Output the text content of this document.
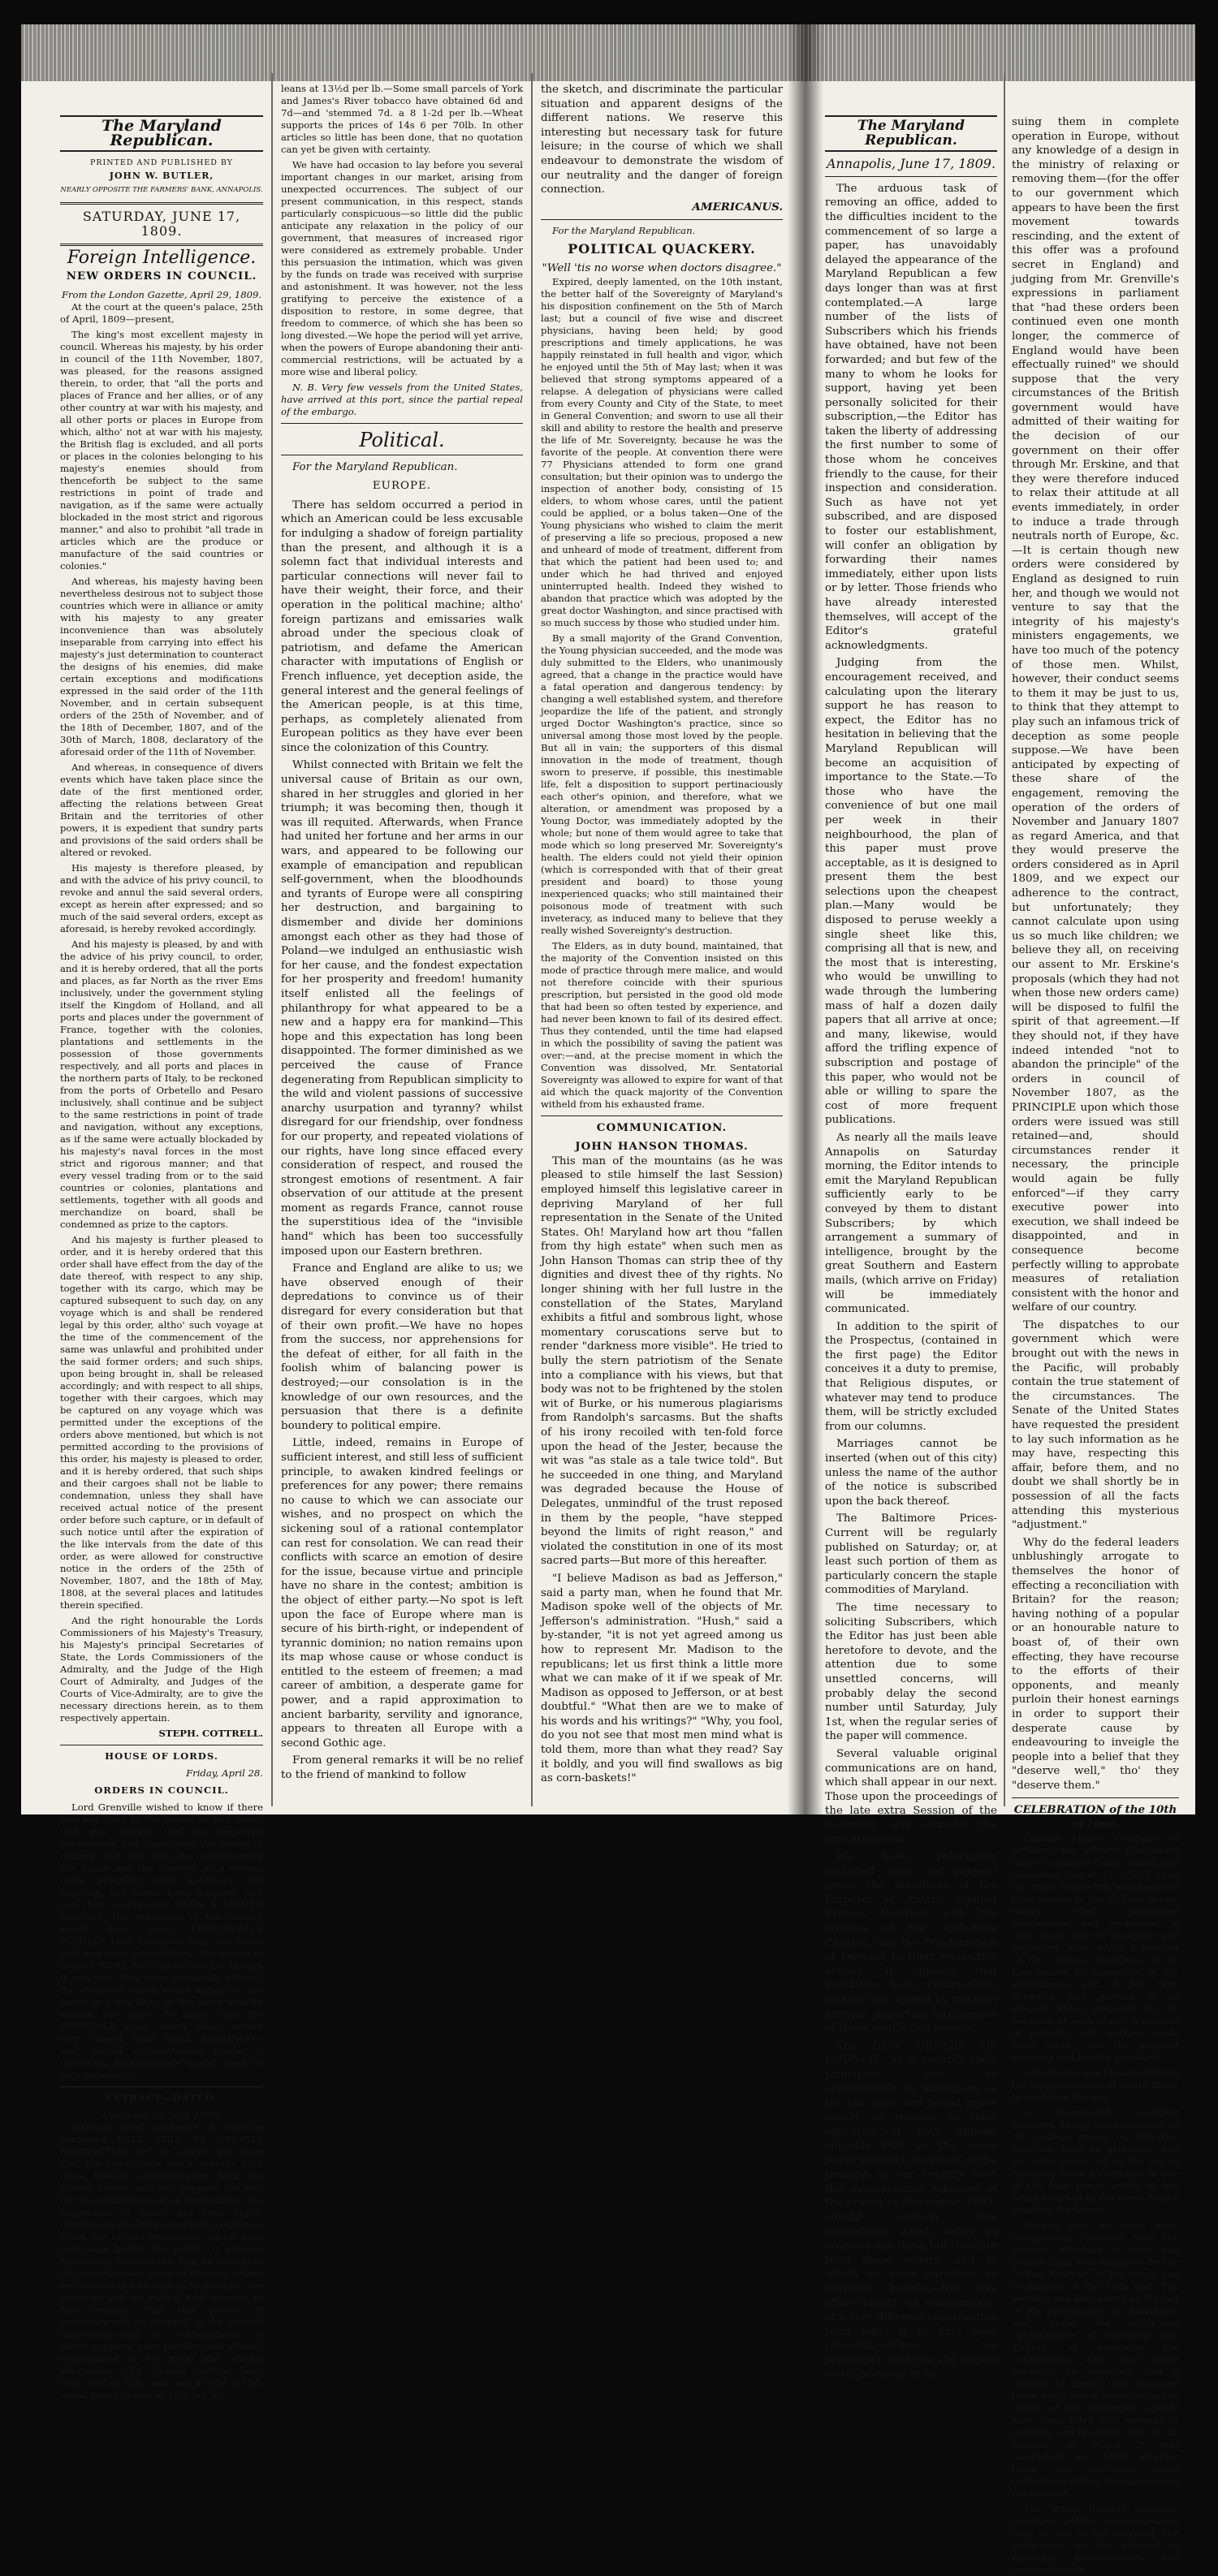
The Maryland Republican.
PRINTED AND PUBLISHED BY
JOHN W. BUTLER,
NEARLY OPPOSITE THE FARMERS' BANK, ANNAPOLIS.
SATURDAY, JUNE 17, 1809.
Foreign Intelligence.
NEW ORDERS IN COUNCIL.
From the London Gazette, April 29, 1809.

At the court at the queen's palace, 25th of April, 1809—present,

The king's most excellent majesty in council. Whereas his majesty, by his order in council of the 11th November, 1807, was pleased, for the reasons assigned therein, to order, that "all the ports and places of France and her allies, or of any other country at war with his majesty, and all other ports or places in Europe from which, altho' not at war with his majesty, the British flag is excluded, and all ports or places in the colonies belonging to his majesty's enemies should from thenceforth be subject to the same restrictions in point of trade and navigation, as if the same were actually blockaded in the most strict and rigorous manner," and also to prohibit "all trade in articles which are the produce or manufacture of the said countries or colonies."

And whereas, his majesty having been nevertheless desirous not to subject those countries which were in alliance or amity with his majesty to any greater inconvenience than was absolutely inseparable from carrying into effect his majesty's just determination to counteract the designs of his enemies, did make certain exceptions and modifications expressed in the said order of the 11th November, and in certain subsequent orders of the 25th of November, and of the 18th of December, 1807, and of the 30th of March, 1808, declaratory of the aforesaid order of the 11th of November.

And whereas, in consequence of divers events which have taken place since the date of the first mentioned order, affecting the relations between Great Britain and the territories of other powers, it is expedient that sundry parts and provisions of the said orders shall be altered or revoked.

His majesty is therefore pleased, by and with the advice of his privy council, to revoke and annul the said several orders, except as herein after expressed; and so much of the said several orders, except as aforesaid, is hereby revoked accordingly.

And his majesty is pleased, by and with the advice of his privy council, to order, and it is hereby ordered, that all the ports and places, as far North as the river Ems inclusively, under the government styling itself the Kingdom of Holland, and all ports and places under the government of France, together with the colonies, plantations and settlements in the possession of those governments respectively, and all ports and places in the northern parts of Italy, to be reckoned from the ports of Orbetello and Pesaro inclusively, shall continue and be subject to the same restrictions in point of trade and navigation, without any exceptions, as if the same were actually blockaded by his majesty's naval forces in the most strict and rigorous manner; and that every vessel trading from or to the said countries or colonies, plantations and settlements, together with all goods and merchandize on board, shall be condemned as prize to the captors.

And his majesty is further pleased to order, and it is hereby ordered that this order shall have effect from the day of the date thereof, with respect to any ship, together with its cargo, which may be captured subsequent to such day, on any voyage which is and shall be rendered legal by this order, altho' such voyage at the time of the commencement of the same was unlawful and prohibited under the said former orders; and such ships, upon being brought in, shall be released accordingly; and with respect to all ships, together with their cargoes, which may be captured on any voyage which was permitted under the exceptions of the orders above mentioned, but which is not permitted according to the provisions of this order, his majesty is pleased to order, and it is hereby ordered, that such ships and their cargoes shall not be liable to condemnation, unless they shall have received actual notice of the present order before such capture, or in default of such notice until after the expiration of the like intervals from the date of this order, as were allowed for constructive notice in the orders of the 25th of November, 1807, and the 18th of May, 1808, at the several places and latitudes therein specified.

And the right honourable the Lords Commissioners of his Majesty's Treasury, his Majesty's principal Secretaries of State, the Lords Commissioners of the Admiralty, and the Judge of the High Court of Admiralty, and Judges of the Courts of Vice-Admiralty, are to give the necessary directions herein, as to them respectively appertain.

STEPH. COTTRELL.
HOUSE OF LORDS.
Friday, April 28.
ORDERS IN COUNCIL.

Lord Grenville wished to know if there was any truth in the report he had heard that day, namely that his majesty's government had abandoned the orders in council. If it was true, he congratulated the house and the country, as a system more pregnant with weakness and impolicy, had never been adopted, and had they continued it EVEN A MONTH LONGER, the commerce of the country would have been EFFECTUALLY RUINED! Lord Liverpool said, the noble lord had been misinformed; the orders in council WERE NOT ABANDONED, though it was true they were materially altered, the extent of which would appear to the house in a few days. At the same time he wished the house to know, that the PRINCIPLE upon which those orders were issued, WAS STILL RETAINED—and, should circumstances render it necessary, that principle would again be fully enforced!!

EXTRACT—DATED,
Liverpool, 2d May, 1809.

Although your commerce, it must be confessed WILL STILL BE GREATLY RESTRICTED, yet we cannot but hope that the regulations are a prelude to a more friendly understanding with the United States, and will prepare the way for the restoration of an intercourse, the suspension of which has been highly injurious to the interest of both countries. From the official documents which have just come before the public, it appears reasonable to conclude, that as several of the objectionable parts of the late orders are rescinded with regard to America, the embargo will be raised with respect to this country. That this course of procedure will be adopted, is the general impression—and, in contemplation of direct supplies, your produce has already experienced a very great and serious depression.—Old Upland cottons have been sold at 12d., and new at 14d. a 15d.—and New Orleans at 13d. per lb.

leans at 13½d per lb.—Some small parcels of York and James's River tobacco have obtained 6d and 7d—and 'stemmed 7d. a 8 1-2d per lb.—Wheat supports the prices of 14s 6 per 70lb. In other articles so little has been done, that no quotation can yet be given with certainty.

We have had occasion to lay before you several important changes in our market, arising from unexpected occurrences. The subject of our present communication, in this respect, stands particularly conspicuous—so little did the public anticipate any relaxation in the policy of our government, that measures of increased rigor were considered as extremely probable. Under this persuasion the intimation, which was given by the funds on trade was received with surprise and astonishment. It was however, not the less gratifying to perceive the existence of a disposition to restore, in some degree, that freedom to commerce, of which she has been so long divested.—We hope the period will yet arrive, when the powers of Europe abandoning their anti-commercial restrictions, will be actuated by a more wise and liberal policy.

N. B. Very few vessels from the United States, have arrived at this port, since the partial repeal of the embargo.

Political.
For the Maryland Republican.
EUROPE.

There has seldom occurred a period in which an American could be less excusable for indulging a shadow of foreign partiality than the present, and although it is a solemn fact that individual interests and particular connections will never fail to have their weight, their force, and their operation in the political machine; altho' foreign partizans and emissaries walk abroad under the specious cloak of patriotism, and defame the American character with imputations of English or French influence, yet deception aside, the general interest and the general feelings of the American people, is at this time, perhaps, as completely alienated from European politics as they have ever been since the colonization of this Country.

Whilst connected with Britain we felt the universal cause of Britain as our own, shared in her struggles and gloried in her triumph; it was becoming then, though it was ill requited. Afterwards, when France had united her fortune and her arms in our wars, and appeared to be following our example of emancipation and republican self-government, when the bloodhounds and tyrants of Europe were all conspiring her destruction, and bargaining to dismember and divide her dominions amongst each other as they had those of Poland—we indulged an enthusiastic wish for her cause, and the fondest expectation for her prosperity and freedom! humanity itself enlisted all the feelings of philanthropy for what appeared to be a new and a happy era for mankind—This hope and this expectation has long been disappointed. The former diminished as we perceived the cause of France degenerating from Republican simplicity to the wild and violent passions of successive anarchy usurpation and tyranny? whilst disregard for our friendship, over fondness for our property, and repeated violations of our rights, have long since effaced every consideration of respect, and roused the strongest emotions of resentment. A fair observation of our attitude at the present moment as regards France, cannot rouse the superstitious idea of the "invisible hand" which has been too successfully imposed upon our Eastern brethren.

France and England are alike to us; we have observed enough of their depredations to convince us of their disregard for every consideration but that of their own profit.—We have no hopes from the success, nor apprehensions for the defeat of either, for all faith in the foolish whim of balancing power is destroyed;—our consolation is in the knowledge of our own resources, and the persuasion that there is a definite boundery to political empire.

Little, indeed, remains in Europe of sufficient interest, and still less of sufficient principle, to awaken kindred feelings or preferences for any power; there remains no cause to which we can associate our wishes, and no prospect on which the sickening soul of a rational contemplator can rest for consolation. We can read their conflicts with scarce an emotion of desire for the issue, because virtue and principle have no share in the contest; ambition is the object of either party.—No spot is left upon the face of Europe where man is secure of his birth-right, or independent of tyrannic dominion; no nation remains upon its map whose cause or whose conduct is entitled to the esteem of freemen; a mad career of ambition, a desperate game for power, and a rapid approximation to ancient barbarity, servility and ignorance, appears to threaten all Europe with a second Gothic age.

From general remarks it will be no relief to the friend of mankind to follow

the sketch, and discriminate the particular situation and apparent designs of the different nations. We reserve this interesting but necessary task for future leisure; in the course of which we shall endeavour to demonstrate the wisdom of our neutrality and the danger of foreign connection.

AMERICANUS.
For the Maryland Republican.
POLITICAL QUACKERY.
"Well 'tis no worse when doctors disagree."

Expired, deeply lamented, on the 10th instant, the better half of the Sovereignty of Maryland's his disposition confinement on the 5th of March last; but a council of five wise and discreet physicians, having been held; by good prescriptions and timely applications, he was happily reinstated in full health and vigor, which he enjoyed until the 5th of May last; when it was believed that strong symptoms appeared of a relapse. A delegation of physicians were called from every County and City of the State, to meet in General Convention; and sworn to use all their skill and ability to restore the health and preserve the life of Mr. Sovereignty, because he was the favorite of the people. At convention there were 77 Physicians attended to form one grand consultation; but their opinion was to undergo the inspection of another body, consisting of 15 elders, to whom whose cares, until the patient could be applied, or a bolus taken—One of the Young physicians who wished to claim the merit of preserving a life so precious, proposed a new and unheard of mode of treatment, different from that which the patient had been used to; and under which he had thrived and enjoyed uninterrupted health. Indeed they wished to abandon that practice which was adopted by the great doctor Washington, and since practised with so much success by those who studied under him.

By a small majority of the Grand Convention, the Young physician succeeded, and the mode was duly submitted to the Elders, who unanimously agreed, that a change in the practice would have a fatal operation and dangerous tendency: by changing a well established system, and therefore jeopardize the life of the patient, and strongly urged Doctor Washington's practice, since so universal among those most loved by the people. But all in vain; the supporters of this dismal innovation in the mode of treatment, though sworn to preserve, if possible, this inestimable life, felt a disposition to support pertinaciously each other's opinion, and therefore, what we alteration, or amendment was proposed by a Young Doctor, was immediately adopted by the whole; but none of them would agree to take that mode which so long preserved Mr. Sovereignty's health. The elders could not yield their opinion (which is corresponded with that of their great president and board) to those young inexperienced quacks; who still maintained their poisonous mode of treatment with such inveteracy, as induced many to believe that they really wished Sovereignty's destruction.

The Elders, as in duty bound, maintained, that the majority of the Convention insisted on this mode of practice through mere malice, and would not therefore coincide with their spurious prescription, but persisted in the good old mode that had been so often tested by experience, and had never been known to fail of its desired effect. Thus they contended, until the time had elapsed in which the possibility of saving the patient was over:—and, at the precise moment in which the Convention was dissolved, Mr. Sentatorial Sovereignty was allowed to expire for want of that aid which the quack majority of the Convention witheld from his exhausted frame.

COMMUNICATION.
JOHN HANSON THOMAS.

This man of the mountains (as he was pleased to stile himself the last Session) employed himself this legislative career in depriving Maryland of her full representation in the Senate of the United States. Oh! Maryland how art thou "fallen from thy high estate" when such men as John Hanson Thomas can strip thee of thy dignities and divest thee of thy rights. No longer shining with her full lustre in the constellation of the States, Maryland exhibits a fitful and sombrous light, whose momentary coruscations serve but to render "darkness more visible". He tried to bully the stern patriotism of the Senate into a compliance with his views, but that body was not to be frightened by the stolen wit of Burke, or his numerous plagiarisms from Randolph's sarcasms. But the shafts of his irony recoiled with ten-fold force upon the head of the Jester, because the wit was "as stale as a tale twice told". But he succeeded in one thing, and Maryland was degraded because the House of Delegates, unmindful of the trust reposed in them by the people, "have stepped beyond the limits of right reason," and violated the constitution in one of its most sacred parts—But more of this hereafter.

"I believe Madison as bad as Jefferson," said a party man, when he found that Mr. Madison spoke well of the objects of Mr. Jefferson's administration. "Hush," said a by-stander, "it is not yet agreed among us how to represent Mr. Madison to the republicans; let us first think a little more what we can make of it if we speak of Mr. Madison as opposed to Jefferson, or at best doubtful." "What then are we to make of his words and his writings?" "Why, you fool, do you not see that most men mind what is told them, more than what they read? Say it boldly, and you will find swallows as big as corn-baskets!"

The Maryland Republican.
Annapolis, June 17, 1809.

The arduous task of removing an office, added to the difficulties incident to the commencement of so large a paper, has unavoidably delayed the appearance of the Maryland Republican a few days longer than was at first contemplated.—A large number of the lists of Subscribers which his friends have obtained, have not been forwarded; and but few of the many to whom he looks for support, having yet been personally solicited for their subscription,—the Editor has taken the liberty of addressing the first number to some of those whom he conceives friendly to the cause, for their inspection and consideration. Such as have not yet subscribed, and are disposed to foster our establishment, will confer an obligation by forwarding their names immediately, either upon lists or by letter. Those friends who have already interested themselves, will accept of the Editor's grateful acknowledgments.

Judging from the encouragement received, and calculating upon the literary support he has reason to expect, the Editor has no hesitation in believing that the Maryland Republican will become an acquisition of importance to the State.—To those who have the convenience of but one mail per week in their neighbourhood, the plan of this paper must prove acceptable, as it is designed to present them the best selections upon the cheapest plan.—Many would be disposed to peruse weekly a single sheet like this, comprising all that is new, and the most that is interesting, who would be unwilling to wade through the lumbering mass of half a dozen daily papers that all arrive at once; and many, likewise, would afford the trifling expence of subscription and postage of this paper, who would not be able or willing to spare the cost of more frequent publications.

As nearly all the mails leave Annapolis on Saturday morning, the Editor intends to emit the Maryland Republican sufficiently early to be conveyed by them to distant Subscribers; by which arrangement a summary of intelligence, brought by the great Southern and Eastern mails, (which arrive on Friday) will be immediately communicated.

In addition to the spirit of the Prospectus, (contained in the first page) the Editor conceives it a duty to premise, that Religious disputes, or whatever may tend to produce them, will be strictly excluded from our columns.

Marriages cannot be inserted (when out of this city) unless the name of the author of the notice is subscribed upon the back thereof.

The Baltimore Prices-Current will be regularly published on Saturday; or, at least such portion of them as particularly concern the staple commodities of Maryland.

The time necessary to soliciting Subscribers, which the Editor has just been able heretofore to devote, and the attention due to some unsettled concerns, will probably delay the second number until Saturday, July 1st, when the regular series of the paper will commence.

Several valuable original communications are on hand, which shall appear in our next. Those upon the proceedings of the late extra Session of the Assembly, will demand the first attention.

We have reluctantly excluded from our present paper the manifesto of the Emperor of Austria against France, together with the address of the Arch-duke Charles, and the Proclamation of Davoust to their respective armies. It appears that hostilities have commenced, and we may expect by the next arrivals, important intelligence of these conflicting powers.

The NEW ORDERS OF COUNCIL, as it regards their principles, are as objectionable to Americans as the old ones, and would prove nearly as ruinous in their operation.—It may appear, singular that in the same paper in which we boast of the triumph of our country over the monopolizing schemes of the orders of November, 1807, should contain new regulations which differ in scarcely any thing but the date from those orders: and to which we avow ourselves as perfectly hostile.—But this affair admits, on examination, of a very different construction from what it at first view presents.—When we remember that the old orders were, previous to its

suing them in complete operation in Europe, without any knowledge of a design in the ministry of relaxing or removing them—(for the offer to our government which appears to have been the first movement towards rescinding, and the extent of this offer was a profound secret in England) and judging from Mr. Grenville's expressions in parliament that "had these orders been continued even one month longer, the commerce of England would have been effectually ruined" we should suppose that the very circumstances of the British government would have admitted of their waiting for the decision of our government on their offer through Mr. Erskine, and that they were therefore induced to relax their attitude at all events immediately, in order to induce a trade through neutrals north of Europe, &c.—It is certain though new orders were considered by England as designed to ruin her, and though we would not venture to say that the integrity of his majesty's ministers engagements, we have too much of the potency of those men. Whilst, however, their conduct seems to them it may be just to us, to think that they attempt to play such an infamous trick of deception as some people suppose.—We have been anticipated by expecting of these share of the engagement, removing the operation of the orders of November and January 1807 as regard America, and that they would preserve the orders considered as in April 1809, and we expect our adherence to the contract, but unfortunately; they cannot calculate upon using us so much like children; we believe they all, on receiving our assent to Mr. Erskine's proposals (which they had not when those new orders came) will be disposed to fulfil the spirit of that agreement.—If they should not, if they have indeed intended "not to abandon the principle" of the orders in council of November 1807, as the PRINCIPLE upon which those orders were issued was still retained—and, should circumstances render it necessary, the principle would again be fully enforced"—if they carry executive power into execution, we shall indeed be disappointed, and in consequence become perfectly willing to approbate measures of retaliation consistent with the honor and welfare of our country.

The dispatches to our government which were brought out with the news in the Pacific, will probably contain the true statement of the circumstances. The Senate of the United States have requested the president to lay such information as he may have, respecting this affair, before them, and no doubt we shall shortly be in possession of all the facts attending this mysterious "adjustment."

Why do the federal leaders unblushingly arrogate to themselves the honor of effecting a reconciliation with Britain? for the reason; having nothing of a popular or an honourable nature to boast of, of their own effecting, they have recourse to the efforts of their opponents, and meanly purloin their honest earnings in order to support their desperate cause by endeavouring to inveigle the people into a belief that they "deserve well," tho' they "deserve them."

CELEBRATION of the 10th of June.

Captain Muir's Company of Artillery—the infantry Companies under command Capts. Duvall and Gassaway, met at 11 o'clock upon the State House hill, and marched from thence to the College green, where they performed manoeuvres and evolutions in their usual style of discipline and regularity. After which a number of the citizens, members of the Legislature, &c assembled at Mr. Willigman's, and at Mr. Wm. Brewer's, and partook of an elegant dinner prepared for the occasion at each place. A number of patriotic and spirited toasts were drank, and the greatest harmony and hilarity prevailed.

A barbacue was likewise held in the neighbourhood of South River, to celebrate the day.

A disagreeable accident occurred during the evolutions on the College green, on Saturday last—Mr. King an artillerist, had his hand blown off in the act of ramming home a cartridge in one of the field pieces owing to fire being retained in the piece from a previous discharge.

Seldom have we been more unexpectedly gratified with the genuine effusions of taste and genius, than was exhibited by the "infant Roscius" in his songs and recitations of the 15th inst. The evening was announced as the last of his performance in Annapolis; and, under the injudicious circumstance of admitting with Tickets of expences the consequence was, what might naturally be expected, that a number of unruly boys occupied those seats which (considering the merits of the Performer) should have been filled with persons of maturity and liberality. But, in the manner, in which it was conducted, we doubt whether there was sufficient funds collected to defray the expences of the evening.

The "infant Roscius" certainly deserves better encouragement than he has as yet received—the proficiency he has attained in elocution, pronunciation, and comprehension
